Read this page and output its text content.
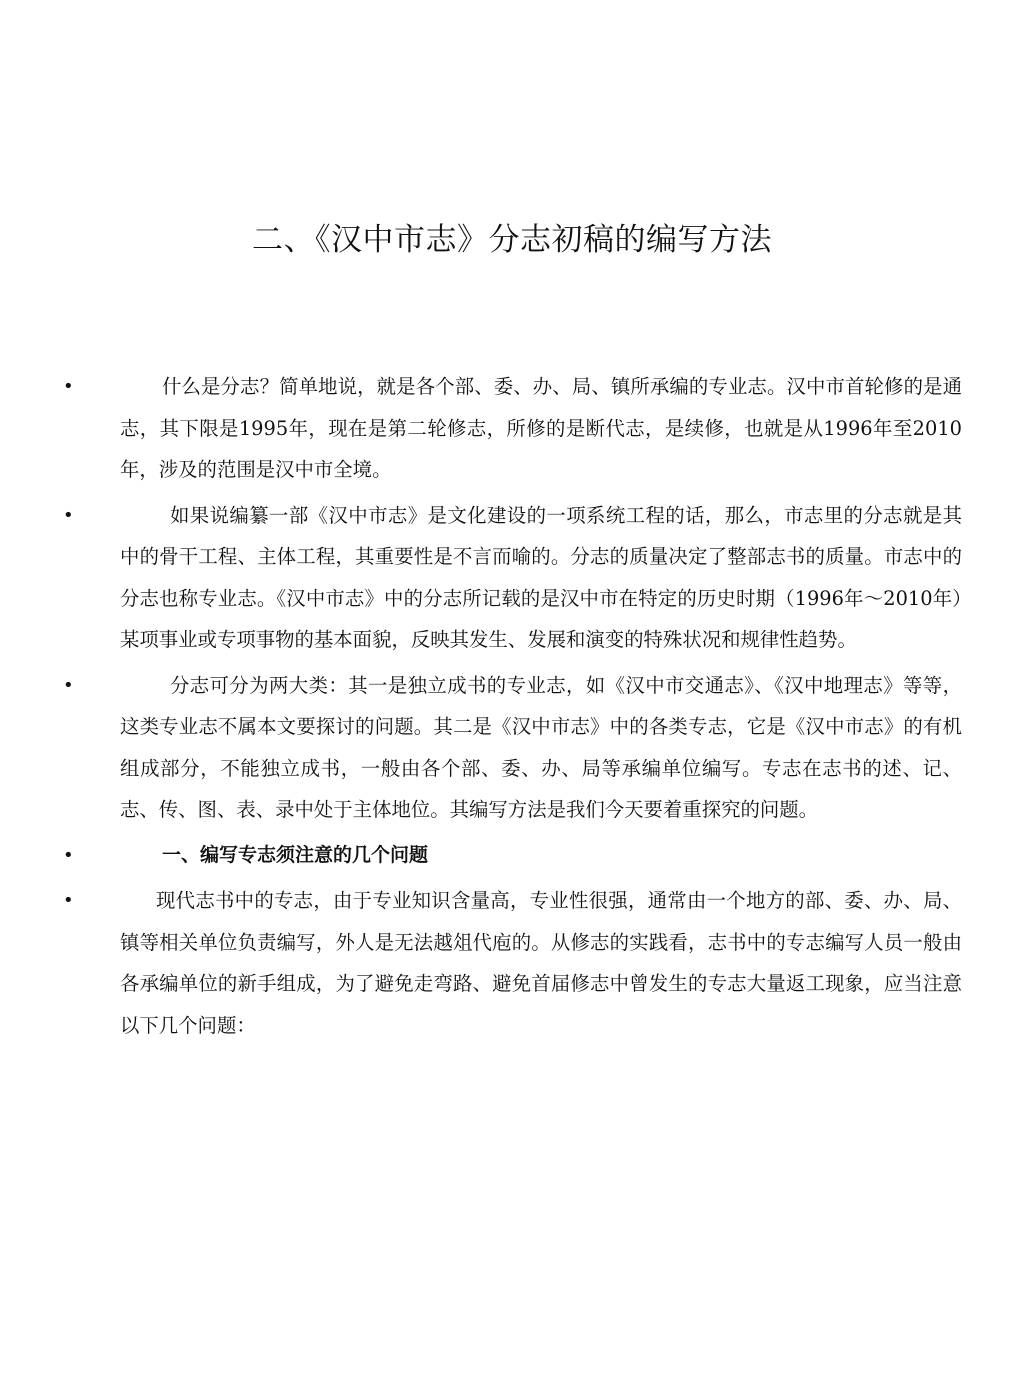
二、《汉中市志》分志初稿的编写方法
•	什么是分志？简单地说，就是各个部、委、办、局、镇所承编的专业志。汉中市首轮修的是通志，其下限是1995年，现在是第二轮修志，所修的是断代志，是续修，也就是从1996年至2010年，涉及的范围是汉中市全境。
•	如果说编纂一部《汉中市志》是文化建设的一项系统工程的话，那么，市志里的分志就是其中的骨干工程、主体工程，其重要性是不言而喻的。分志的质量决定了整部志书的质量。市志中的分志也称专业志。《汉中市志》中的分志所记载的是汉中市在特定的历史时期（1996年～2010年）某项事业或专项事物的基本面貌，反映其发生、发展和演变的特殊状况和规律性趋势。
•	分志可分为两大类：其一是独立成书的专业志，如《汉中市交通志》、《汉中地理志》等等，这类专业志不属本文要探讨的问题。其二是《汉中市志》中的各类专志，它是《汉中市志》的有机组成部分，不能独立成书，一般由各个部、委、办、局等承编单位编写。专志在志书的述、记、志、传、图、表、录中处于主体地位。其编写方法是我们今天要着重探究的问题。
•	一、编写专志须注意的几个问题
•	现代志书中的专志，由于专业知识含量高，专业性很强，通常由一个地方的部、委、办、局、镇等相关单位负责编写，外人是无法越俎代庖的。从修志的实践看，志书中的专志编写人员一般由各承编单位的新手组成，为了避免走弯路、避免首届修志中曾发生的专志大量返工现象，应当注意以下几个问题：
